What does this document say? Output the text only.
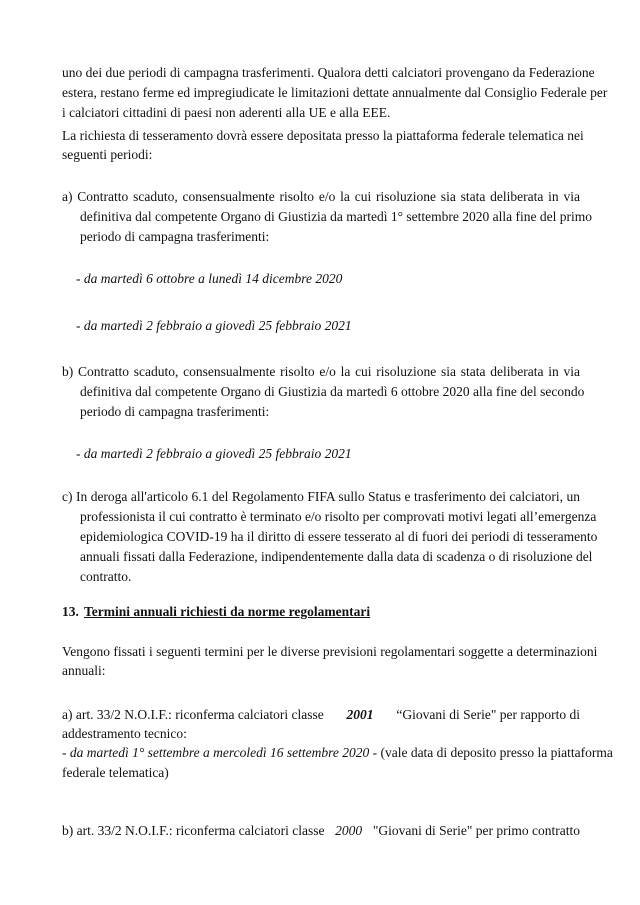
uno dei due periodi di campagna trasferimenti. Qualora detti calciatori provengano da Federazione
estera, restano ferme ed impregiudicate le limitazioni dettate annualmente dal Consiglio Federale per
i calciatori cittadini di paesi non aderenti alla UE e alla EEE.
La richiesta di tesseramento dovrà essere depositata presso la piattaforma federale telematica nei
seguenti periodi:
a) Contratto scaduto, consensualmente risolto e/o la cui risoluzione sia stata deliberata in via
definitiva dal competente Organo di Giustizia da martedì 1° settembre 2020 alla fine del primo
periodo di campagna trasferimenti:
- da martedì 6 ottobre a lunedì 14 dicembre 2020
- da martedì 2 febbraio a giovedì 25 febbraio 2021
b) Contratto scaduto, consensualmente risolto e/o la cui risoluzione sia stata deliberata in via
definitiva dal competente Organo di Giustizia da martedì 6 ottobre 2020 alla fine del secondo
periodo di campagna trasferimenti:
- da martedì 2 febbraio a giovedì 25 febbraio 2021
c) In deroga all'articolo 6.1 del Regolamento FIFA sullo Status e trasferimento dei calciatori, un
professionista il cui contratto è terminato e/o risolto per comprovati motivi legati all’emergenza
epidemiologica COVID-19 ha il diritto di essere tesserato al di fuori dei periodi di tesseramento
annuali fissati dalla Federazione, indipendentemente dalla data di scadenza o di risoluzione del
contratto.
13. Termini annuali richiesti da norme regolamentari
Vengono fissati i seguenti termini per le diverse previsioni regolamentari soggette a determinazioni
annuali:
a) art. 33/2 N.O.I.F.: riconferma calciatori classe 2001 “Giovani di Serie" per rapporto di
addestramento tecnico:
- da martedì 1° settembre a mercoledì 16 settembre 2020 - (vale data di deposito presso la piattaforma
federale telematica)
b) art. 33/2 N.O.I.F.: riconferma calciatori classe 2000 "Giovani di Serie" per primo contratto
